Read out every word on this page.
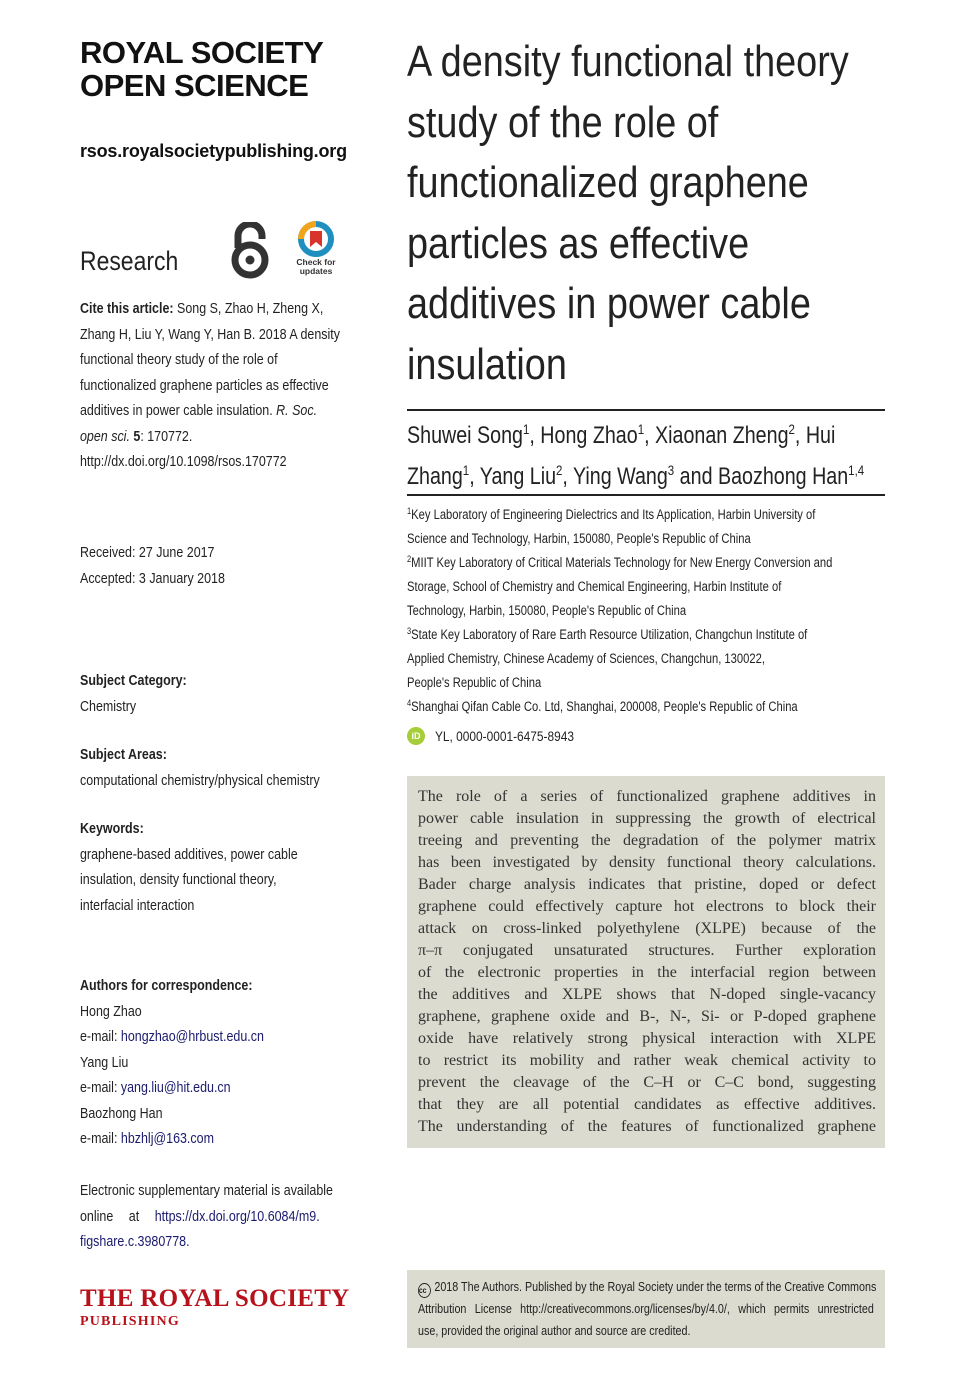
ROYAL SOCIETY
OPEN SCIENCE
rsos.royalsocietypublishing.org
Research	Check for
updates
Cite this article: Song S, Zhao H, Zheng X,
Zhang H, Liu Y, Wang Y, Han B. 2018 A density
functional theory study of the role of
functionalized graphene particles as effective
additives in power cable insulation. R. Soc.
open sci. 5: 170772.
http://dx.doi.org/10.1098/rsos.170772
Received: 27 June 2017
Accepted: 3 January 2018
Subject Category:
Chemistry
Subject Areas:
computational chemistry/physical chemistry
Keywords:
graphene-based additives, power cable
insulation, density functional theory,
interfacial interaction
Authors for correspondence:
Hong Zhao
e-mail: hongzhao@hrbust.edu.cn
Yang Liu
e-mail: yang.liu@hit.edu.cn
Baozhong Han
e-mail: hbzhlj@163.com
Electronic supplementary material is available
online at https://dx.doi.org/10.6084/m9.
figshare.c.3980778.
THE ROYAL SOCIETY
PUBLISHING
A density functional theory
study of the role of
functionalized graphene
particles as effective
additives in power cable
insulation
Shuwei Song$^1$, Hong Zhao$^1$, Xiaonan Zheng$^2$, Hui
Zhang$^1$, Yang Liu$^2$, Ying Wang$^3$ and Baozhong Han$^{1,4}$
$^1$Key Laboratory of Engineering Dielectrics and Its Application, Harbin University of
Science and Technology, Harbin, 150080, People's Republic of China
$^2$MIIT Key Laboratory of Critical Materials Technology for New Energy Conversion and
Storage, School of Chemistry and Chemical Engineering, Harbin Institute of
Technology, Harbin, 150080, People's Republic of China
$^3$State Key Laboratory of Rare Earth Resource Utilization, Changchun Institute of
Applied Chemistry, Chinese Academy of Sciences, Changchun, 130022,
People's Republic of China
$^4$Shanghai Qifan Cable Co. Ltd, Shanghai, 200008, People's Republic of China
iD	YL, 0000-0001-6475-8943
The role of a series of functionalized graphene additives in
power cable insulation in suppressing the growth of electrical
treeing and preventing the degradation of the polymer matrix
has been investigated by density functional theory calculations.
Bader charge analysis indicates that pristine, doped or defect
graphene could effectively capture hot electrons to block their
attack on cross-linked polyethylene (XLPE) because of the
π–π conjugated unsaturated structures. Further exploration
of the electronic properties in the interfacial region between
the additives and XLPE shows that N-doped single-vacancy
graphene, graphene oxide and B-, N-, Si- or P-doped graphene
oxide have relatively strong physical interaction with XLPE
to restrict its mobility and rather weak chemical activity to
prevent the cleavage of the C–H or C–C bond, suggesting
that they are all potential candidates as effective additives.
The understanding of the features of functionalized graphene
cc 2018 The Authors. Published by the Royal Society under the terms of the Creative Commons
Attribution License http://creativecommons.org/licenses/by/4.0/, which permits unrestricted
use, provided the original author and source are credited.
